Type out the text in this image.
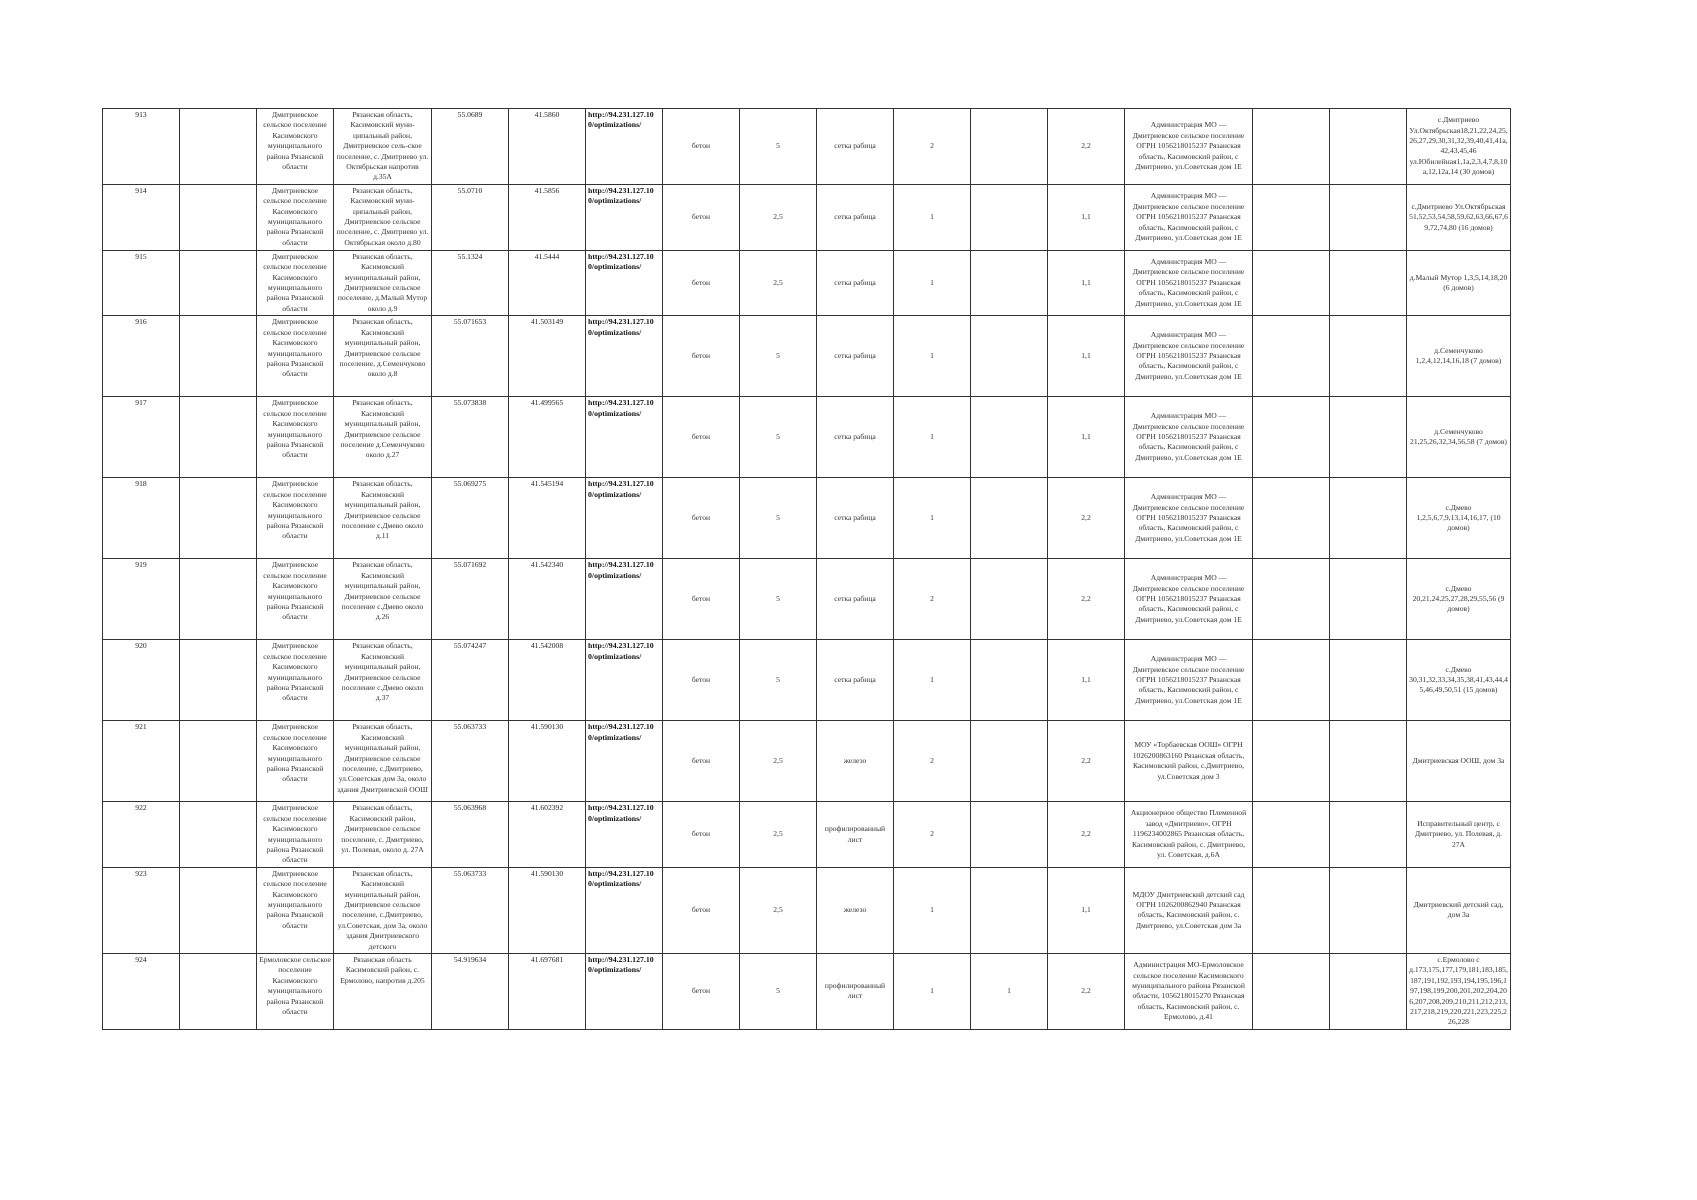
913		Дмитриевское сельское поселение Касимовского муниципального района Рязанской области	Рязанская область, Касимовский муни-ципальный район, Дмитриевское сель-ское поселение, с. Дмитриево ул. Октябрьская напротив д.35А	55.0689	41.5860	http://94.231.127.10 0/optimizations/	бетон	5	сетка рабица	2		2,2	Администрация МО — Дмитриевское сельское поселение ОГРН 1056218015237 Рязанская область, Касимовский район, с Дмитриево, ул.Советская дом 1Е			с.Дмитриево Ул.Октябрьская18,21,22,24,25,26,27,29,30,31,32,39,40,41,41а,42,43,45,46 ул.Юбилейная1,1а,2,3,4,7,8,10а,12,12а,14 (30 домов)
914		Дмитриевское сельское поселение Касимовского муниципального района Рязанской области	Рязанская область, Касимовский муни-ципальный район, Дмитриевское сельское поселение, с. Дмитриево ул. Октябрьская около д.80	55.0710	41.5856	http://94.231.127.10 0/optimizations/	бетон	2,5	сетка рабица	1		1,1	Администрация МО — Дмитриевское сельское поселение ОГРН 1056218015237 Рязанская область, Касимовский район, с Дмитриево, ул.Советская дом 1Е			с.Дмитриево Ул.Октябрьская 51,52,53,54,58,59,62,63,66,67,69,72,74,80 (16 домов)
915		Дмитриевское сельское поселение Касимовского муниципального района Рязанской области	Рязанская область, Касимовский муниципальный район, Дмитриевское сельское поселение, д.Малый Мутор около д.9	55.1324	41.5444	http://94.231.127.10 0/optimizations/	бетон	2,5	сетка рабица	1		1,1	Администрация МО — Дмитриевское сельское поселение ОГРН 1056218015237 Рязанская область, Касимовский район, с Дмитриево, ул.Советская дом 1Е			д.Малый Мутор 1,3,5,14,18,20 (6 домов)
916		Дмитриевское сельское поселение Касимовского муниципального района Рязанской области	Рязанская область, Касимовский муниципальный район, Дмитриевское сельское поселение, д.Семенчуково около д.8	55.071653	41.503149	http://94.231.127.10 0/optimizations/	бетон	5	сетка рабица	1		1,1	Администрация МО — Дмитриевское сельское поселение ОГРН 1056218015237 Рязанская область, Касимовский район, с Дмитриево, ул.Советская дом 1Е			д.Семенчуково 1,2,4,12,14,16,18 (7 домов)
917		Дмитриевское сельское поселение Касимовского муниципального района Рязанской области	Рязанская область, Касимовский муниципальный район, Дмитриевское сельское поселение д.Семенчуково около д.27	55.073838	41.499565	http://94.231.127.10 0/optimizations/	бетон	5	сетка рабица	1		1,1	Администрация МО — Дмитриевское сельское поселение ОГРН 1056218015237 Рязанская область, Касимовский район, с Дмитриево, ул.Советская дом 1Е			д.Семенчуково 21,25,26,32,34,56,58 (7 домов)
918		Дмитриевское сельское поселение Касимовского муниципального района Рязанской области	Рязанская область, Касимовский муниципальный район, Дмитриевское сельское поселение с.Дмево около д.11	55.069275	41.545194	http://94.231.127.10 0/optimizations/	бетон	5	сетка рабица	1		2,2	Администрация МО — Дмитриевское сельское поселение ОГРН 1056218015237 Рязанская область, Касимовский район, с Дмитриево, ул.Советская дом 1Е			с.Дмево 1,2,5,6,7,9,13,14,16,17, (10 домов)
919		Дмитриевское сельское поселение Касимовского муниципального района Рязанской области	Рязанская область, Касимовский муниципальный район, Дмитриевское сельское поселение с.Дмево около д.26	55.071692	41.542340	http://94.231.127.10 0/optimizations/	бетон	5	сетка рабица	2		2,2	Администрация МО — Дмитриевское сельское поселение ОГРН 1056218015237 Рязанская область, Касимовский район, с Дмитриево, ул.Советская дом 1Е			с.Дмево 20,21,24,25,27,28,29,55,56 (9 домов)
920		Дмитриевское сельское поселение Касимовского муниципального района Рязанской области	Рязанская область, Касимовский муниципальный район, Дмитриевское сельское поселение с.Дмево около д.37	55.074247	41.542008	http://94.231.127.10 0/optimizations/	бетон	5	сетка рабица	1		1,1	Администрация МО — Дмитриевское сельское поселение ОГРН 1056218015237 Рязанская область, Касимовский район, с Дмитриево, ул.Советская дом 1Е			с.Дмево 30,31,32,33,34,35,38,41,43,44,45,46,49,50,51 (15 домов)
921		Дмитриевское сельское поселение Касимовского муниципального района Рязанской области	Рязанская область, Касимовский муниципальный район, Дмитриевское сельское поселение, с.Дмитриево, ул.Советская дом 3а, около здания Дмитриевской ООШ	55.063733	41.590130	http://94.231.127.10 0/optimizations/	бетон	2,5	железо	2		2,2	МОУ «Торбаевская ООШ» ОГРН 1026200863160 Рязанская область, Касимовский район, с.Дмитриево, ул.Советская дом 3			Дмитриевская ООШ, дом 3а
922		Дмитриевское сельское поселение Касимовского муниципального района Рязанской области	Рязанская область, Касимовский район, Дмитриевское сельское поселение, с. Дмитриево, ул. Полевая, около д. 27А	55.063968	41.602392	http://94.231.127.10 0/optimizations/	бетон	2,5	профилированный лист	2		2,2	Акционерное общество Племенной завод «Дмитриево», ОГРН 1196234002865 Рязанская область, Касимовский район, с. Дмитриево, ул. Советская, д.6А			Исправительный центр, с Дмитриево, ул. Полевая, д. 27А
923		Дмитриевское сельское поселение Касимовского муниципального района Рязанской области	Рязанская область, Касимовский муниципальный район, Дмитриевское сельское поселение, с.Дмитриево, ул.Советская, дом 3а, около здания Дмитриевского детского	55.063733	41.590130	http://94.231.127.10 0/optimizations/	бетон	2,5	железо	1		1,1	МДОУ Дмитриевский детский сад ОГРН 1026200862940 Рязанская область, Касимовский район, с. Дмитриево, ул.Советская дом 3а			Дмитриевский детский сад, дом 3а
924		Ермоловское сельское поселение Касимовского муниципального района Рязанской области	Рязанская область Касимовский район, с. Ермолово, напротив д.205	54.919634	41.697681	http://94.231.127.10 0/optimizations/	бетон	5	профилированный лист	1	1	2,2	Администрация МО-Ермоловское сельское поселение Касимовского муниципального района Рязанской области, 1056218015270 Рязанская область, Касимовский район, с. Ермолово, д.41			с.Ермолово с д.173,175,177,179,181,183,185,187,191,192,193,194,195,196,197,198,199,200,201,202,204,206,207,208,209,210,211,212,213,217,218,219,220,221,223,225,226,228
